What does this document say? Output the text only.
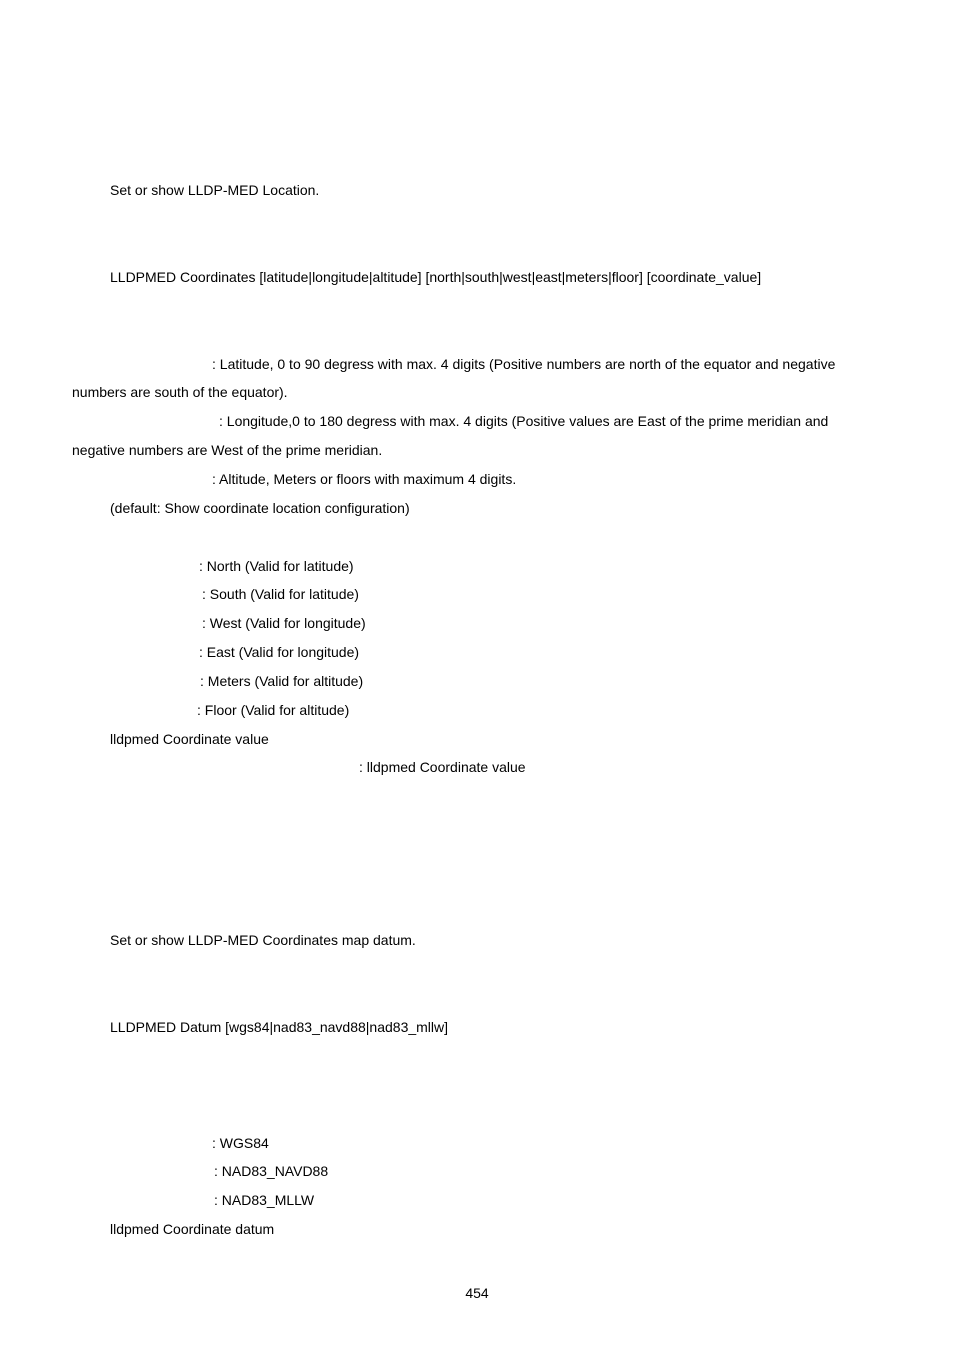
Set or show LLDP-MED Location.
LLDPMED Coordinates [latitude|longitude|altitude] [north|south|west|east|meters|floor] [coordinate_value]
: Latitude, 0 to 90 degress with max. 4 digits (Positive numbers are north of the equator and negative
numbers are south of the equator).
: Longitude,0 to 180 degress with max. 4 digits (Positive values are East of the prime meridian and
negative numbers are West of the prime meridian.
: Altitude, Meters or floors with maximum 4 digits.
(default: Show coordinate location configuration)
: North (Valid for latitude)
: South (Valid for latitude)
: West (Valid for longitude)
: East (Valid for longitude)
: Meters (Valid for altitude)
: Floor (Valid for altitude)
lldpmed Coordinate value
: lldpmed Coordinate value
Set or show LLDP-MED Coordinates map datum.
LLDPMED Datum [wgs84|nad83_navd88|nad83_mllw]
: WGS84
: NAD83_NAVD88
: NAD83_MLLW
lldpmed Coordinate datum
454
